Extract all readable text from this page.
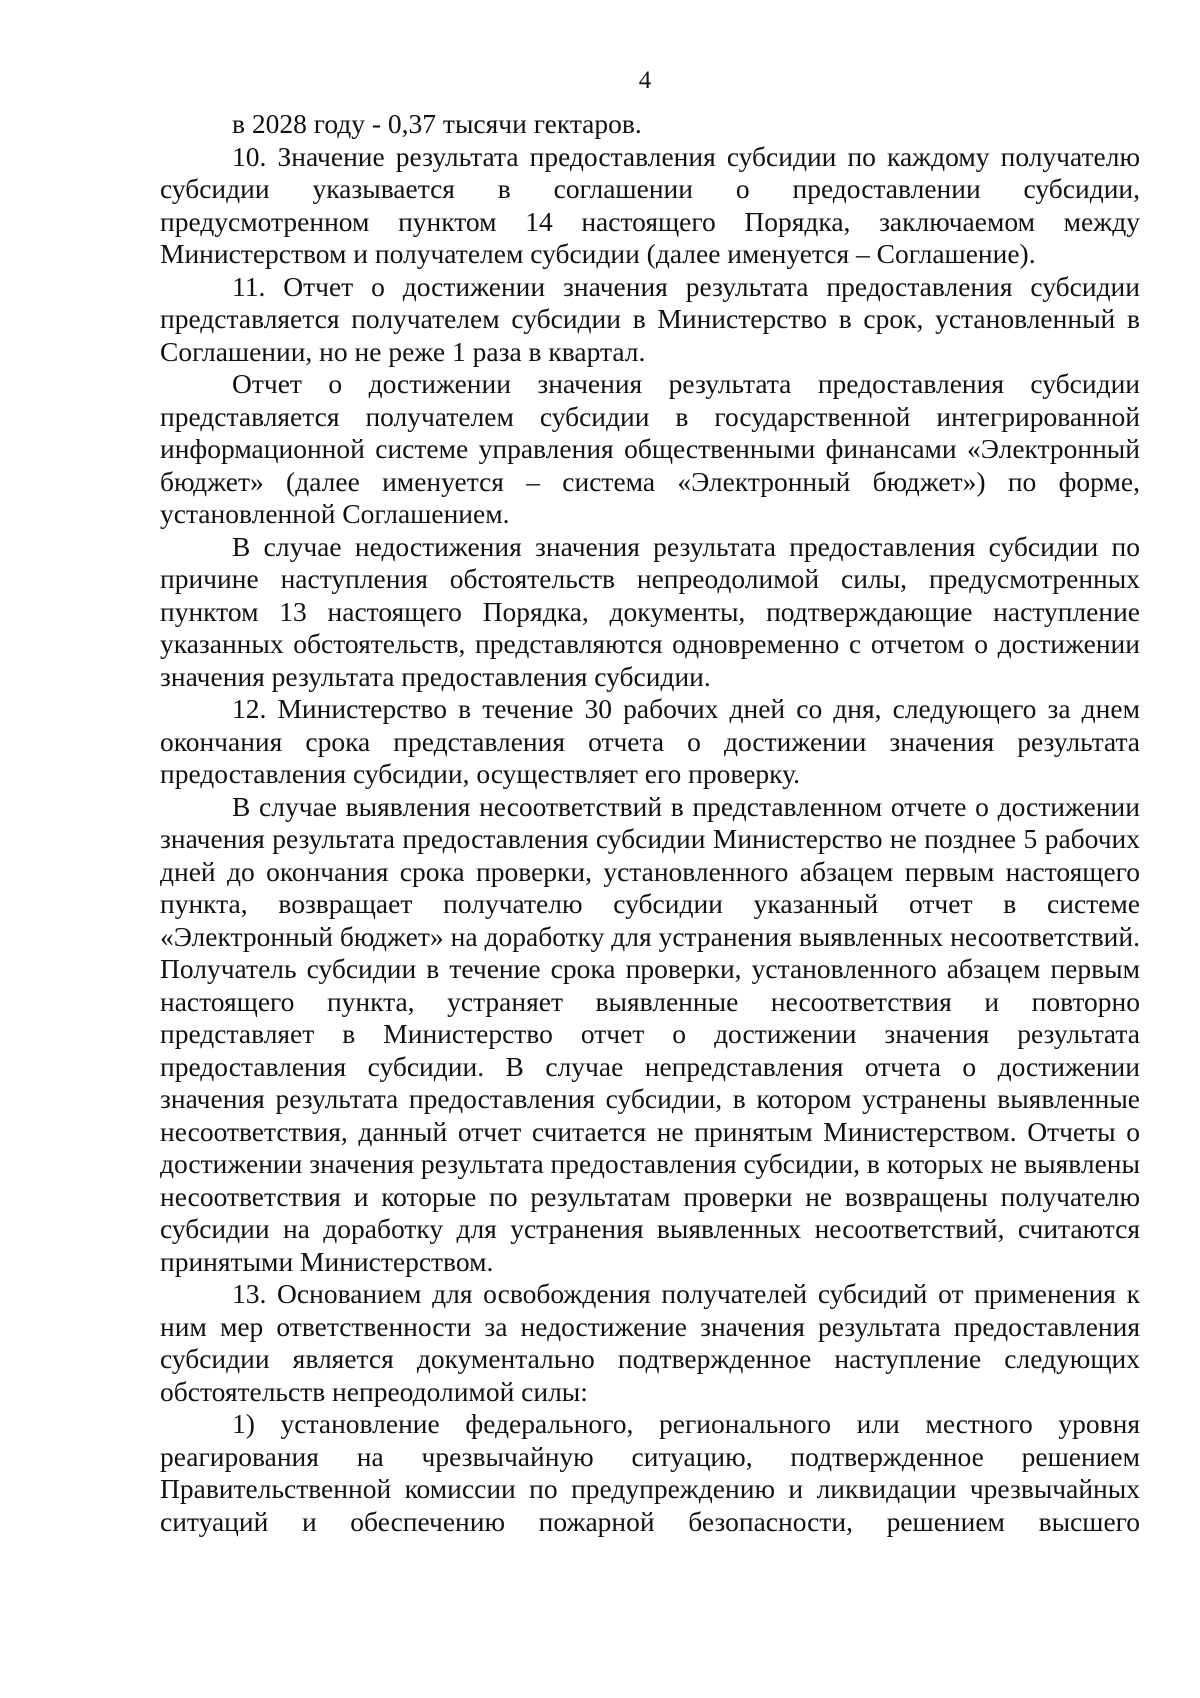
4

в 2028 году - 0,37 тысячи гектаров.

10. Значение результата предоставления субсидии по каждому получателю субсидии указывается в соглашении о предоставлении субсидии, предусмотренном пунктом 14 настоящего Порядка, заключаемом между Министерством и получателем субсидии (далее именуется – Соглашение).

11. Отчет о достижении значения результата предоставления субсидии представляется получателем субсидии в Министерство в срок, установленный в Соглашении, но не реже 1 раза в квартал.

Отчет о достижении значения результата предоставления субсидии представляется получателем субсидии в государственной интегрированной информационной системе управления общественными финансами «Электронный бюджет» (далее именуется – система «Электронный бюджет») по форме, установленной Соглашением.

В случае недостижения значения результата предоставления субсидии по причине наступления обстоятельств непреодолимой силы, предусмотренных пунктом 13 настоящего Порядка, документы, подтверждающие наступление указанных обстоятельств, представляются одновременно с отчетом о достижении значения результата предоставления субсидии.

12. Министерство в течение 30 рабочих дней со дня, следующего за днем окончания срока представления отчета о достижении значения результата предоставления субсидии, осуществляет его проверку.

В случае выявления несоответствий в представленном отчете о достижении значения результата предоставления субсидии Министерство не позднее 5 рабочих дней до окончания срока проверки, установленного абзацем первым настоящего пункта, возвращает получателю субсидии указанный отчет в системе «Электронный бюджет» на доработку для устранения выявленных несоответствий. Получатель субсидии в течение срока проверки, установленного абзацем первым настоящего пункта, устраняет выявленные несоответствия и повторно представляет в Министерство отчет о достижении значения результата предоставления субсидии. В случае непредставления отчета о достижении значения результата предоставления субсидии, в котором устранены выявленные несоответствия, данный отчет считается не принятым Министерством. Отчеты о достижении значения результата предоставления субсидии, в которых не выявлены несоответствия и которые по результатам проверки не возвращены получателю субсидии на доработку для устранения выявленных несоответствий, считаются принятыми Министерством.

13. Основанием для освобождения получателей субсидий от применения к ним мер ответственности за недостижение значения результата предоставления субсидии является документально подтвержденное наступление следующих обстоятельств непреодолимой силы:

1) установление федерального, регионального или местного уровня реагирования на чрезвычайную ситуацию, подтвержденное решением Правительственной комиссии по предупреждению и ликвидации чрезвычайных ситуаций и обеспечению пожарной безопасности, решением высшего
